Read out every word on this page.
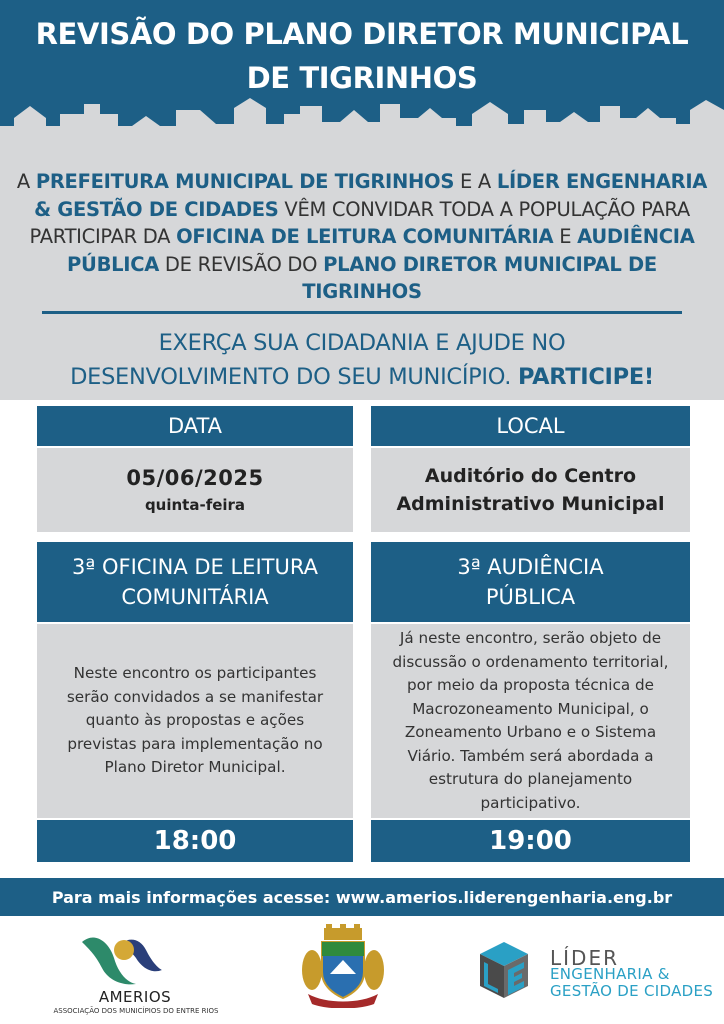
REVISÃO DO PLANO DIRETOR MUNICIPAL
DE TIGRINHOS
A PREFEITURA MUNICIPAL DE TIGRINHOS E A LÍDER ENGENHARIA & GESTÃO DE CIDADES VÊM CONVIDAR TODA A POPULAÇÃO PARA PARTICIPAR DA OFICINA DE LEITURA COMUNITÁRIA E AUDIÊNCIA PÚBLICA DE REVISÃO DO PLANO DIRETOR MUNICIPAL DE TIGRINHOS
EXERÇA SUA CIDADANIA E AJUDE NO
DESENVOLVIMENTO DO SEU MUNICÍPIO. PARTICIPE!
DATA
05/06/2025
quinta-feira
LOCAL
Auditório do Centro
Administrativo Municipal
3ª OFICINA DE LEITURA
COMUNITÁRIA
Neste encontro os participantes serão convidados a se manifestar quanto às propostas e ações previstas para implementação no Plano Diretor Municipal.
18:00
3ª AUDIÊNCIA
PÚBLICA
Já neste encontro, serão objeto de discussão o ordenamento territorial, por meio da proposta técnica de Macrozoneamento Municipal, o Zoneamento Urbano e o Sistema Viário. Também será abordada a estrutura do planejamento participativo.
19:00
Para mais informações acesse: www.amerios.liderengenharia.eng.br
AMERIOS
ASSOCIAÇÃO DOS MUNICÍPIOS DO ENTRE RIOS
LÍDER
ENGENHARIA &
GESTÃO DE CIDADES
